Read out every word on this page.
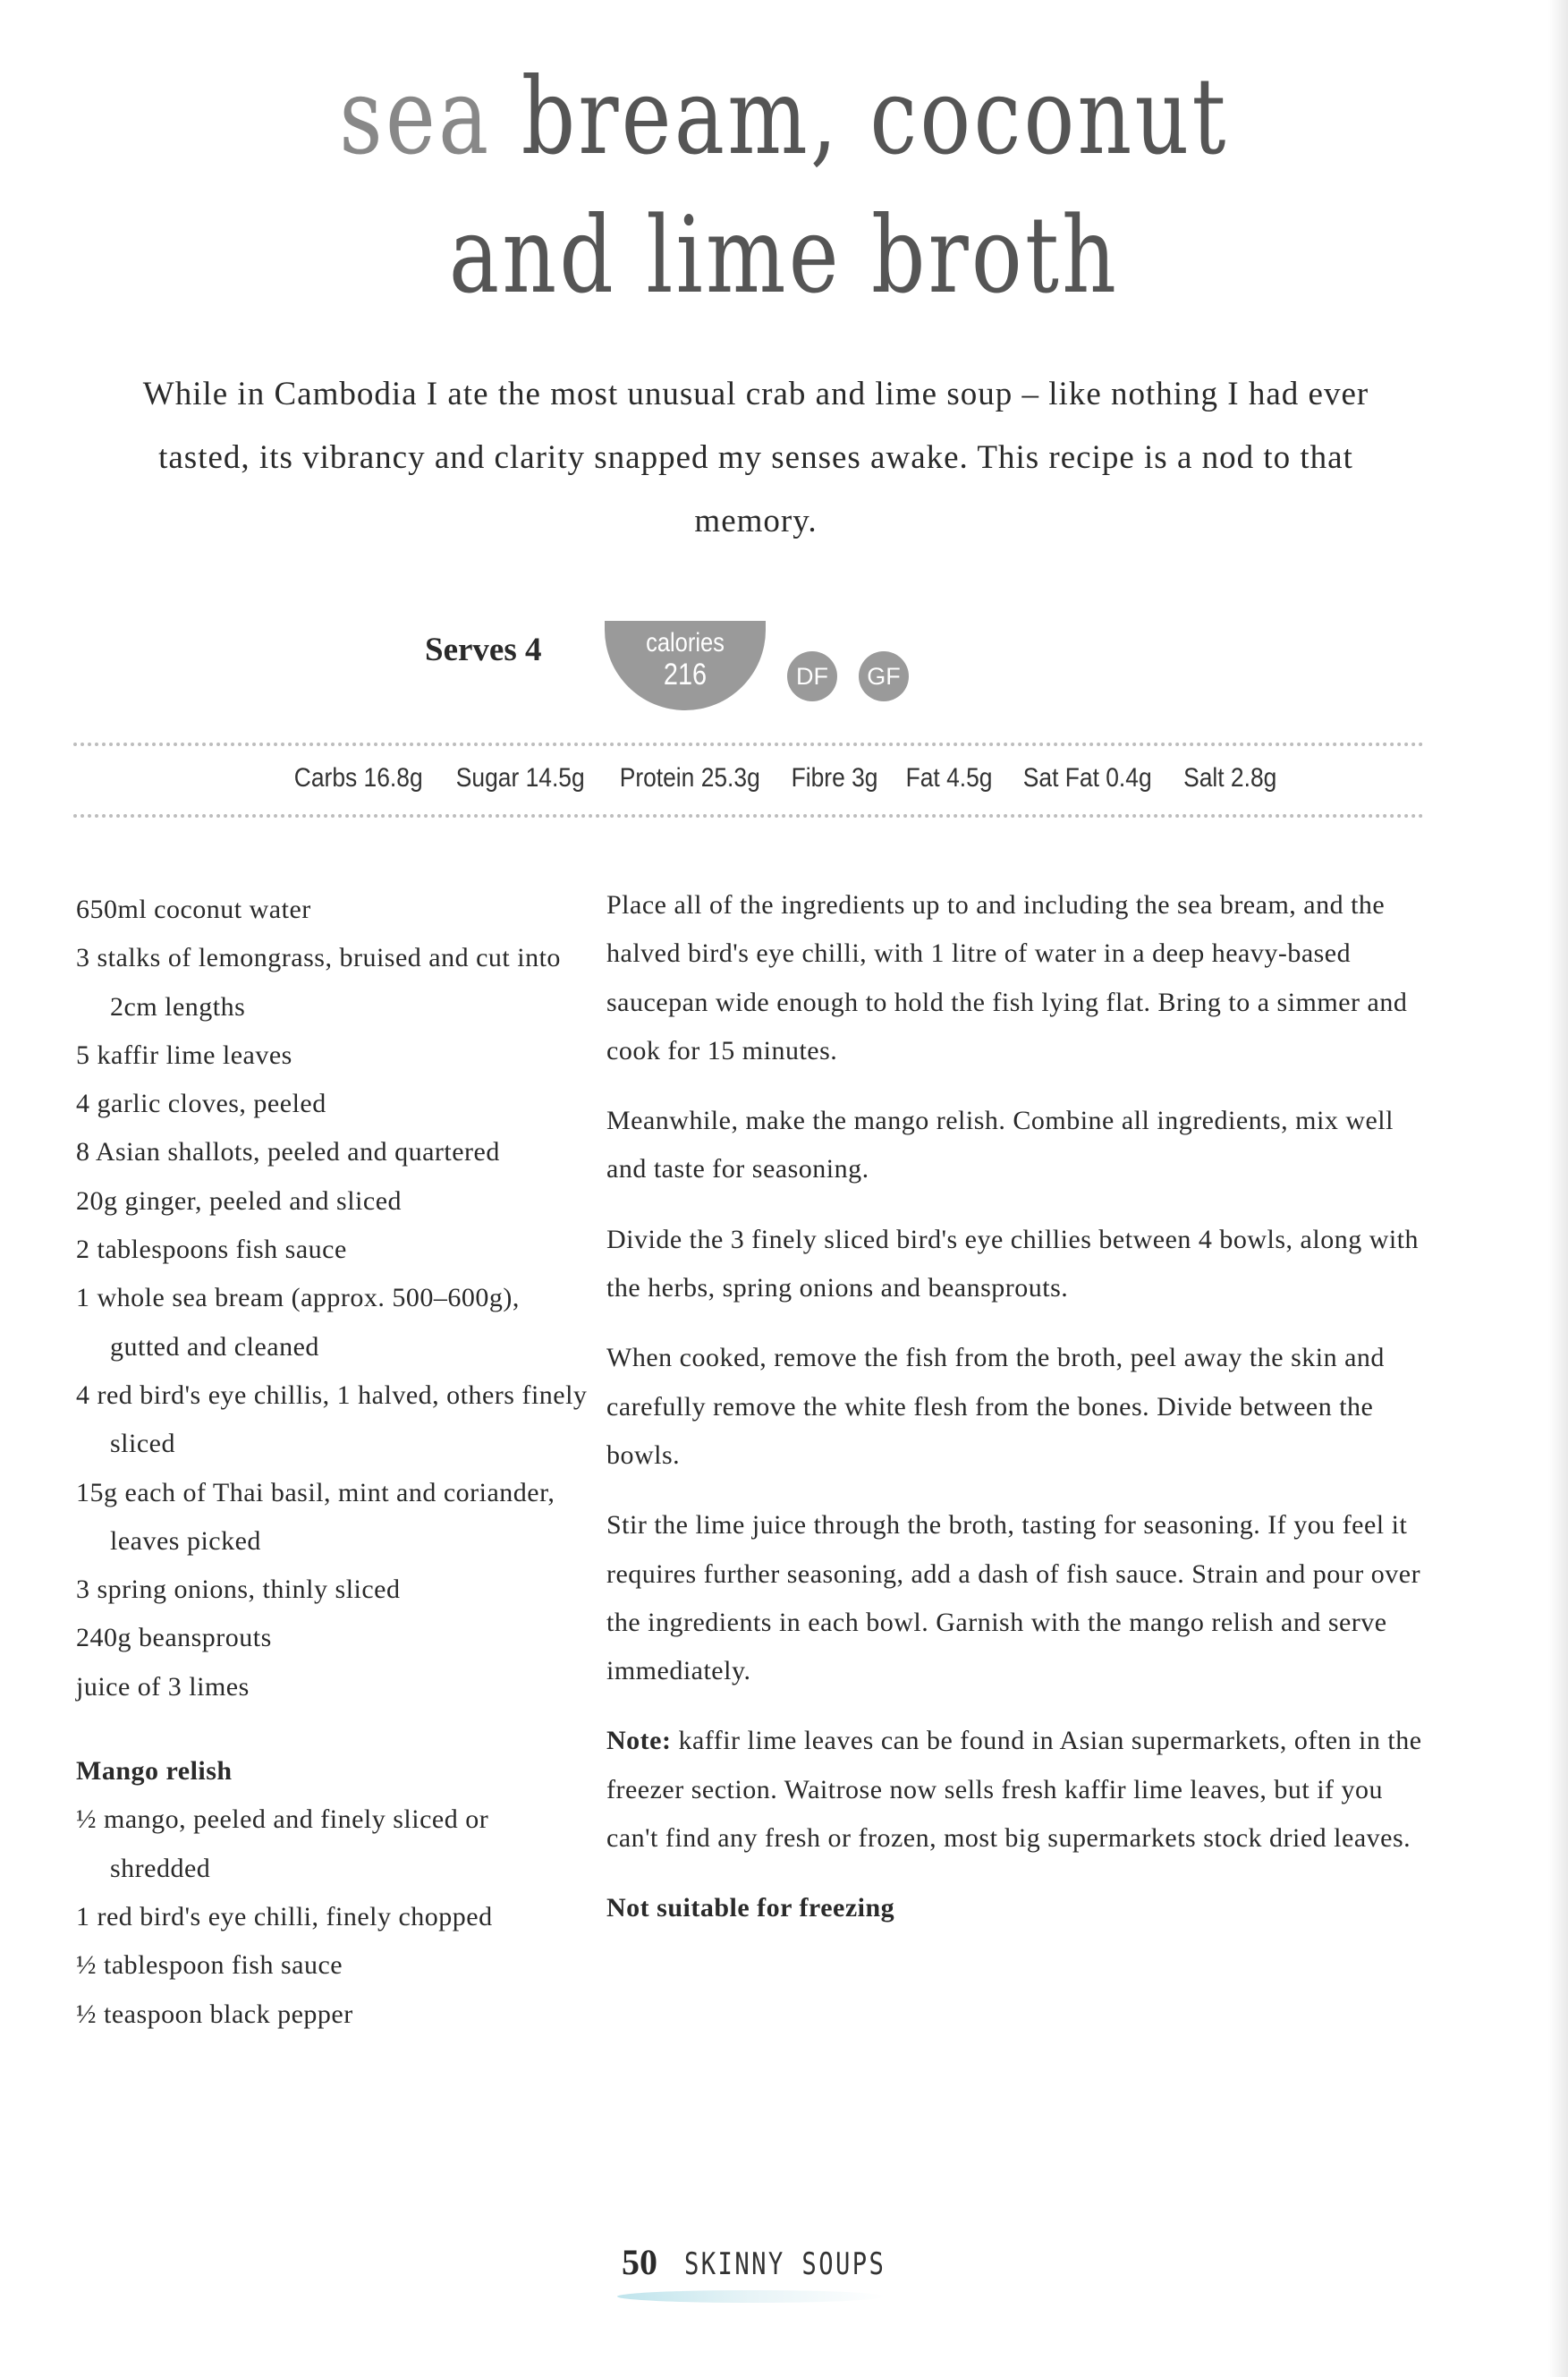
sea bream, coconut
and lime broth
While in Cambodia I ate the most unusual crab and lime soup – like nothing I had ever tasted, its vibrancy and clarity snapped my senses awake. This recipe is a nod to that memory.
Serves 4	calories
216	DF	GF
Carbs 16.8g Sugar 14.5g Protein 25.3g Fibre 3g Fat 4.5g Sat Fat 0.4g Salt 2.8g
650ml coconut water
3 stalks of lemongrass, bruised and cut into 2cm lengths
5 kaffir lime leaves
4 garlic cloves, peeled
8 Asian shallots, peeled and quartered
20g ginger, peeled and sliced
2 tablespoons fish sauce
1 whole sea bream (approx. 500–600g), gutted and cleaned
4 red bird's eye chillis, 1 halved, others finely sliced
15g each of Thai basil, mint and coriander, leaves picked
3 spring onions, thinly sliced
240g beansprouts
juice of 3 limes
Mango relish
½ mango, peeled and finely sliced or shredded
1 red bird's eye chilli, finely chopped
½ tablespoon fish sauce
½ teaspoon black pepper

Place all of the ingredients up to and including the sea bream, and the halved bird's eye chilli, with 1 litre of water in a deep heavy-based saucepan wide enough to hold the fish lying flat. Bring to a simmer and cook for 15 minutes.

Meanwhile, make the mango relish. Combine all ingredients, mix well and taste for seasoning.

Divide the 3 finely sliced bird's eye chillies between 4 bowls, along with the herbs, spring onions and beansprouts.

When cooked, remove the fish from the broth, peel away the skin and carefully remove the white flesh from the bones. Divide between the bowls.

Stir the lime juice through the broth, tasting for seasoning. If you feel it requires further seasoning, add a dash of fish sauce. Strain and pour over the ingredients in each bowl. Garnish with the mango relish and serve immediately.

Note: kaffir lime leaves can be found in Asian supermarkets, often in the freezer section. Waitrose now sells fresh kaffir lime leaves, but if you can't find any fresh or frozen, most big supermarkets stock dried leaves.

Not suitable for freezing

50 SKINNY SOUPS
